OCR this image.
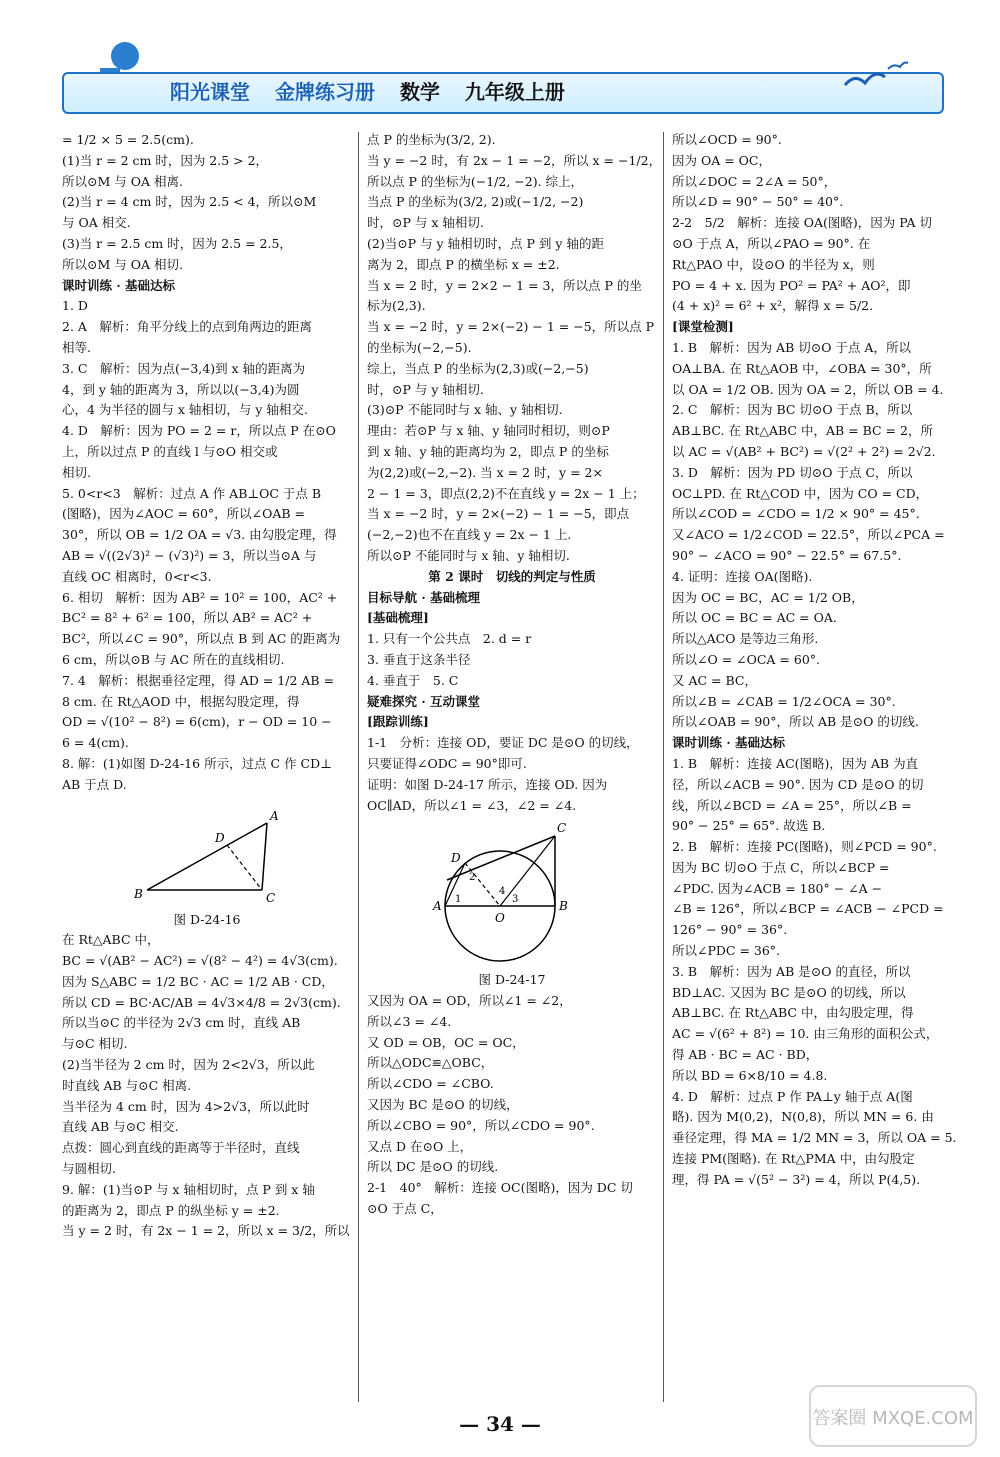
阳光课堂 金牌练习册 数学 九年级上册

= 1/2 × 5 = 2.5(cm).

(1)当 r = 2 cm 时，因为 2.5 > 2，

所以⊙M 与 OA 相离.

(2)当 r = 4 cm 时，因为 2.5 < 4，所以⊙M

与 OA 相交.

(3)当 r = 2.5 cm 时，因为 2.5 = 2.5，

所以⊙M 与 OA 相切.

课时训练 · 基础达标

1. D

2. A　解析：角平分线上的点到角两边的距离

相等.

3. C　解析：因为点(−3,4)到 x 轴的距离为

4，到 y 轴的距离为 3，所以以(−3,4)为圆

心，4 为半径的圆与 x 轴相切，与 y 轴相交.

4. D　解析：因为 PO = 2 = r，所以点 P 在⊙O

上，所以过点 P 的直线 l 与⊙O 相交或

相切.

5. 0<r<3　解析：过点 A 作 AB⊥OC 于点 B

(图略)，因为∠AOC = 60°，所以∠OAB =

30°，所以 OB = 1/2 OA = √3. 由勾股定理，得

AB = √((2√3)² − (√3)²) = 3，所以当⊙A 与

直线 OC 相离时，0<r<3.

6. 相切　解析：因为 AB² = 10² = 100，AC² +

BC² = 8² + 6² = 100，所以 AB² = AC² +

BC²，所以∠C = 90°，所以点 B 到 AC 的距离为

6 cm，所以⊙B 与 AC 所在的直线相切.

7. 4　解析：根据垂径定理，得 AD = 1/2 AB =

8 cm. 在 Rt△AOD 中，根据勾股定理，得

OD = √(10² − 8²) = 6(cm)，r − OD = 10 −

6 = 4(cm).

8. 解：(1)如图 D-24-16 所示，过点 C 作 CD⊥

AB 于点 D.

A
B	C
D

图 D-24-16

在 Rt△ABC 中，

BC = √(AB² − AC²) = √(8² − 4²) = 4√3(cm).

因为 S△ABC = 1/2 BC · AC = 1/2 AB · CD，

所以 CD = BC·AC/AB = 4√3×4/8 = 2√3(cm).

所以当⊙C 的半径为 2√3 cm 时，直线 AB

与⊙C 相切.

(2)当半径为 2 cm 时，因为 2<2√3，所以此

时直线 AB 与⊙C 相离.

当半径为 4 cm 时，因为 4>2√3，所以此时

直线 AB 与⊙C 相交.

点拨：圆心到直线的距离等于半径时，直线

与圆相切.

9. 解：(1)当⊙P 与 x 轴相切时，点 P 到 x 轴

的距离为 2，即点 P 的纵坐标 y = ±2.

当 y = 2 时，有 2x − 1 = 2，所以 x = 3/2，所以

点 P 的坐标为(3/2, 2).

当 y = −2 时，有 2x − 1 = −2，所以 x = −1/2，

所以点 P 的坐标为(−1/2, −2). 综上，

当点 P 的坐标为(3/2, 2)或(−1/2, −2)

时，⊙P 与 x 轴相切.

(2)当⊙P 与 y 轴相切时，点 P 到 y 轴的距

离为 2，即点 P 的横坐标 x = ±2.

当 x = 2 时，y = 2×2 − 1 = 3，所以点 P 的坐

标为(2,3).

当 x = −2 时，y = 2×(−2) − 1 = −5，所以点 P

的坐标为(−2,−5).

综上，当点 P 的坐标为(2,3)或(−2,−5)

时，⊙P 与 y 轴相切.

(3)⊙P 不能同时与 x 轴、y 轴相切.

理由：若⊙P 与 x 轴、y 轴同时相切，则⊙P

到 x 轴、y 轴的距离均为 2，即点 P 的坐标

为(2,2)或(−2,−2). 当 x = 2 时，y = 2×

2 − 1 = 3，即点(2,2)不在直线 y = 2x − 1 上；

当 x = −2 时，y = 2×(−2) − 1 = −5，即点

(−2,−2)也不在直线 y = 2x − 1 上.

所以⊙P 不能同时与 x 轴、y 轴相切.

第 2 课时　切线的判定与性质

目标导航 · 基础梳理

[基础梳理]

1. 只有一个公共点　2. d = r

3. 垂直于这条半径

4. 垂直于　5. C

疑难探究 · 互动课堂

[跟踪训练]

1-1　分析：连接 OD，要证 DC 是⊙O 的切线，

只要证得∠ODC = 90°即可.

证明：如图 D-24-17 所示，连接 OD. 因为

OC∥AD，所以∠1 = ∠3，∠2 = ∠4.

A	B
C
D
O
1
2
3
4

图 D-24-17

又因为 OA = OD，所以∠1 = ∠2，

所以∠3 = ∠4.

又 OD = OB，OC = OC，

所以△ODC≌△OBC，

所以∠CDO = ∠CBO.

又因为 BC 是⊙O 的切线，

所以∠CBO = 90°，所以∠CDO = 90°.

又点 D 在⊙O 上，

所以 DC 是⊙O 的切线.

2-1　40°　解析：连接 OC(图略)，因为 DC 切

⊙O 于点 C，

所以∠OCD = 90°.

因为 OA = OC，

所以∠DOC = 2∠A = 50°，

所以∠D = 90° − 50° = 40°.

2-2　5/2　解析：连接 OA(图略)，因为 PA 切

⊙O 于点 A，所以∠PAO = 90°. 在

Rt△PAO 中，设⊙O 的半径为 x，则

PO = 4 + x. 因为 PO² = PA² + AO²，即

(4 + x)² = 6² + x²，解得 x = 5/2.

[课堂检测]

1. B　解析：因为 AB 切⊙O 于点 A，所以

OA⊥BA. 在 Rt△AOB 中，∠OBA = 30°，所

以 OA = 1/2 OB. 因为 OA = 2，所以 OB = 4.

2. C　解析：因为 BC 切⊙O 于点 B，所以

AB⊥BC. 在 Rt△ABC 中，AB = BC = 2，所

以 AC = √(AB² + BC²) = √(2² + 2²) = 2√2.

3. D　解析：因为 PD 切⊙O 于点 C，所以

OC⊥PD. 在 Rt△COD 中，因为 CO = CD，

所以∠COD = ∠CDO = 1/2 × 90° = 45°.

又∠ACO = 1/2∠COD = 22.5°，所以∠PCA =

90° − ∠ACO = 90° − 22.5° = 67.5°.

4. 证明：连接 OA(图略).

因为 OC = BC，AC = 1/2 OB，

所以 OC = BC = AC = OA.

所以△ACO 是等边三角形.

所以∠O = ∠OCA = 60°.

又 AC = BC，

所以∠B = ∠CAB = 1/2∠OCA = 30°.

所以∠OAB = 90°，所以 AB 是⊙O 的切线.

课时训练 · 基础达标

1. B　解析：连接 AC(图略)，因为 AB 为直

径，所以∠ACB = 90°. 因为 CD 是⊙O 的切

线，所以∠BCD = ∠A = 25°，所以∠B =

90° − 25° = 65°. 故选 B.

2. B　解析：连接 PC(图略)，则∠PCD = 90°.

因为 BC 切⊙O 于点 C，所以∠BCP =

∠PDC. 因为∠ACB = 180° − ∠A −

∠B = 126°，所以∠BCP = ∠ACB − ∠PCD =

126° − 90° = 36°.

所以∠PDC = 36°.

3. B　解析：因为 AB 是⊙O 的直径，所以

BD⊥AC. 又因为 BC 是⊙O 的切线，所以

AB⊥BC. 在 Rt△ABC 中，由勾股定理，得

AC = √(6² + 8²) = 10. 由三角形的面积公式，

得 AB · BC = AC · BD，

所以 BD = 6×8/10 = 4.8.

4. D　解析：过点 P 作 PA⊥y 轴于点 A(图

略). 因为 M(0,2)，N(0,8)，所以 MN = 6. 由

垂径定理，得 MA = 1/2 MN = 3，所以 OA = 5.

连接 PM(图略). 在 Rt△PMA 中，由勾股定

理，得 PA = √(5² − 3²) = 4，所以 P(4,5).

— 34 —	答案圈 MXQE.COM
